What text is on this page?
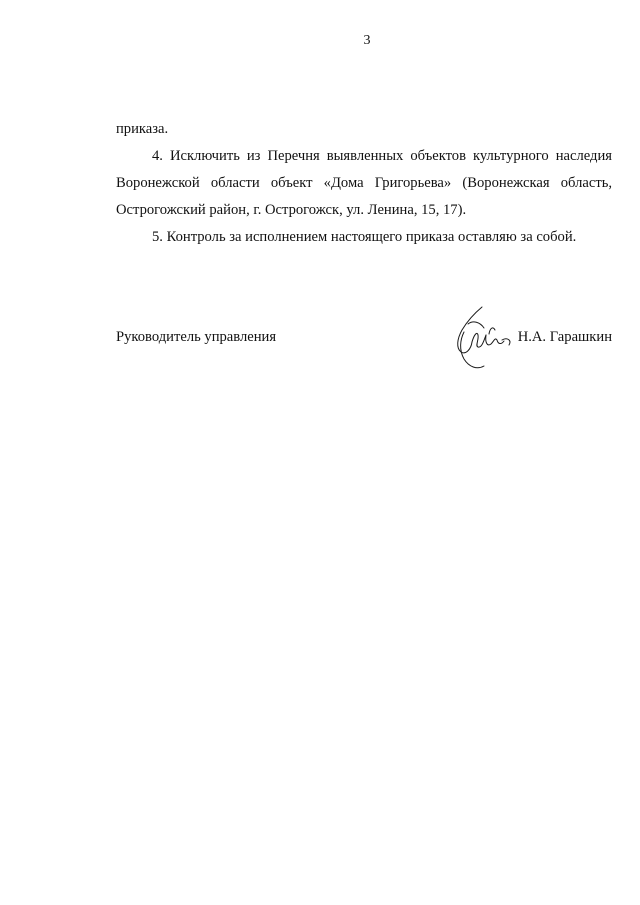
3

приказа.

4. Исключить из Перечня выявленных объектов культурного наследия Воронежской области объект «Дома Григорьева» (Воронежская область, Острогожский район, г. Острогожск, ул. Ленина, 15, 17).

5. Контроль за исполнением настоящего приказа оставляю за собой.

Руководитель управления	Н.А. Гарашкин
